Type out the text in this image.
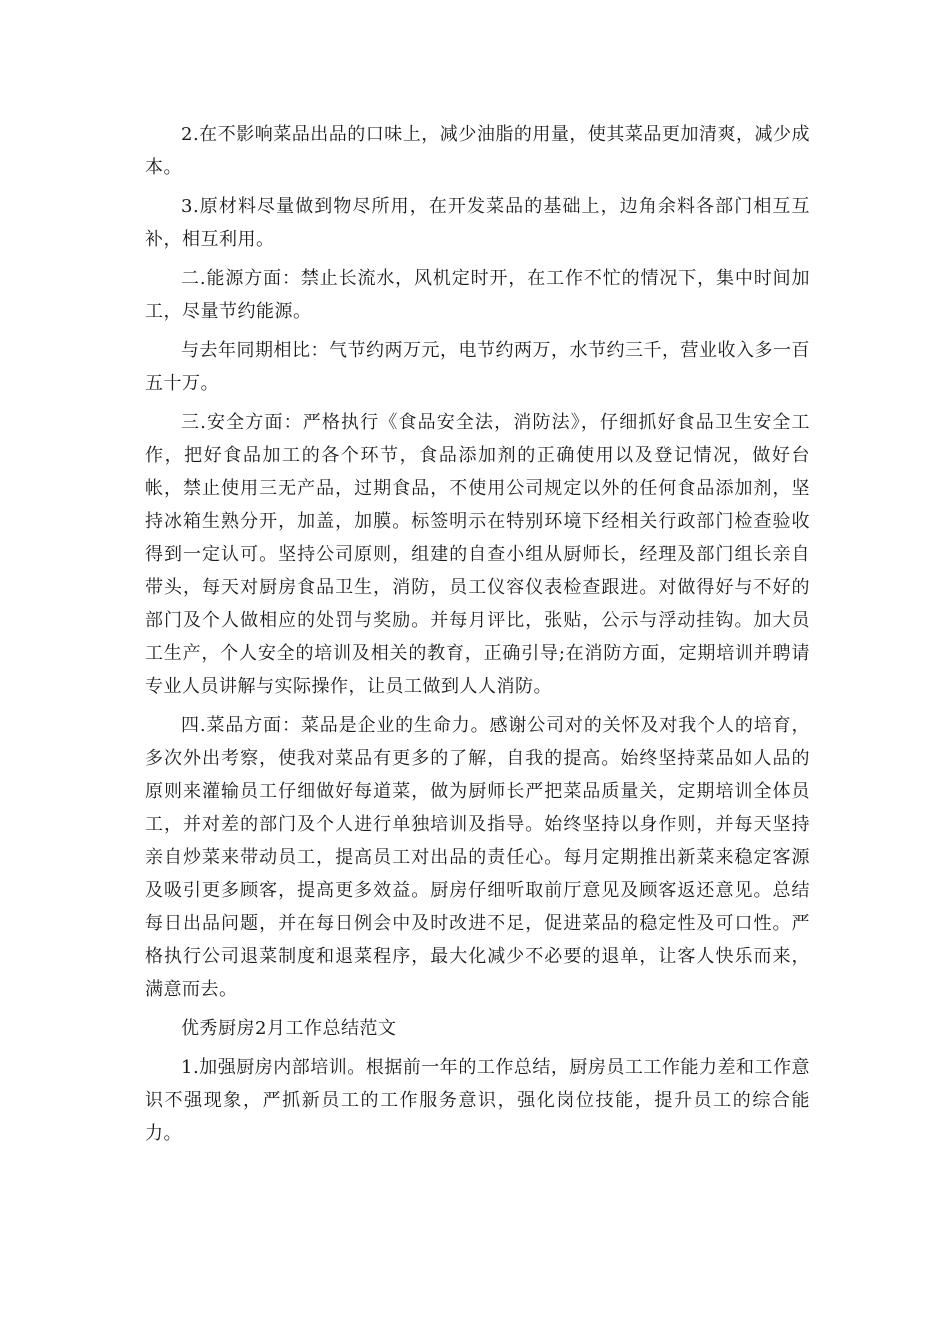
2.在不影响菜品出品的口味上，减少油脂的用量，使其菜品更加清爽，减少成本。

3.原材料尽量做到物尽所用，在开发菜品的基础上，边角余料各部门相互互补，相互利用。

二.能源方面：禁止长流水，风机定时开，在工作不忙的情况下，集中时间加工，尽量节约能源。

与去年同期相比：气节约两万元，电节约两万，水节约三千，营业收入多一百五十万。

三.安全方面：严格执行《食品安全法，消防法》，仔细抓好食品卫生安全工作，把好食品加工的各个环节，食品添加剂的正确使用以及登记情况，做好台帐，禁止使用三无产品，过期食品，不使用公司规定以外的任何食品添加剂，坚持冰箱生熟分开，加盖，加膜。标签明示在特别环境下经相关行政部门检查验收得到一定认可。坚持公司原则，组建的自查小组从厨师长，经理及部门组长亲自带头，每天对厨房食品卫生，消防，员工仪容仪表检查跟进。对做得好与不好的部门及个人做相应的处罚与奖励。并每月评比，张贴，公示与浮动挂钩。加大员工生产，个人安全的培训及相关的教育，正确引导;在消防方面，定期培训并聘请专业人员讲解与实际操作，让员工做到人人消防。

四.菜品方面：菜品是企业的生命力。感谢公司对的关怀及对我个人的培育，多次外出考察，使我对菜品有更多的了解，自我的提高。始终坚持菜品如人品的原则来灌输员工仔细做好每道菜，做为厨师长严把菜品质量关，定期培训全体员工，并对差的部门及个人进行单独培训及指导。始终坚持以身作则，并每天坚持亲自炒菜来带动员工，提高员工对出品的责任心。每月定期推出新菜来稳定客源及吸引更多顾客，提高更多效益。厨房仔细听取前厅意见及顾客返还意见。总结每日出品问题，并在每日例会中及时改进不足，促进菜品的稳定性及可口性。严格执行公司退菜制度和退菜程序，最大化减少不必要的退单，让客人快乐而来，满意而去。

优秀厨房2月工作总结范文

1.加强厨房内部培训。根据前一年的工作总结，厨房员工工作能力差和工作意识不强现象，严抓新员工的工作服务意识，强化岗位技能，提升员工的综合能力。
